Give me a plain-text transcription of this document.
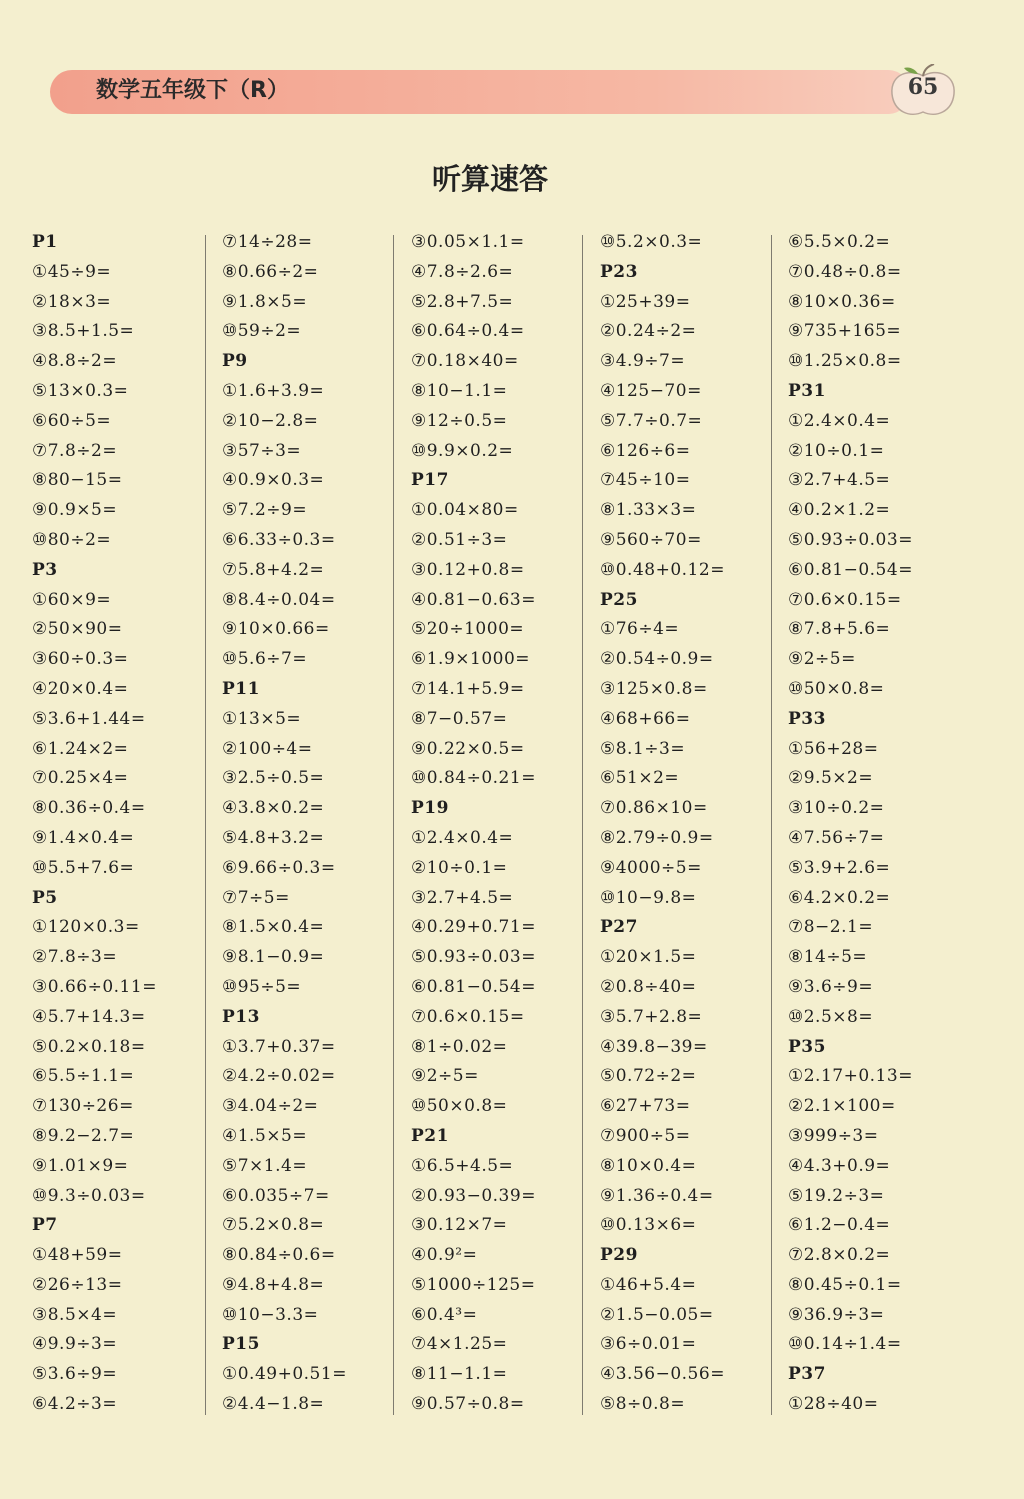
数学五年级下（R）	65
听算速答
P1
①45÷9=
②18×3=
③8.5+1.5=
④8.8÷2=
⑤13×0.3=
⑥60÷5=
⑦7.8÷2=
⑧80−15=
⑨0.9×5=
⑩80÷2=
P3
①60×9=
②50×90=
③60÷0.3=
④20×0.4=
⑤3.6+1.44=
⑥1.24×2=
⑦0.25×4=
⑧0.36÷0.4=
⑨1.4×0.4=
⑩5.5+7.6=
P5
①120×0.3=
②7.8÷3=
③0.66÷0.11=
④5.7+14.3=
⑤0.2×0.18=
⑥5.5÷1.1=
⑦130÷26=
⑧9.2−2.7=
⑨1.01×9=
⑩9.3÷0.03=
P7
①48+59=
②26÷13=
③8.5×4=
④9.9÷3=
⑤3.6÷9=
⑥4.2÷3=
⑦14÷28=
⑧0.66÷2=
⑨1.8×5=
⑩59÷2=
P9
①1.6+3.9=
②10−2.8=
③57÷3=
④0.9×0.3=
⑤7.2÷9=
⑥6.33÷0.3=
⑦5.8+4.2=
⑧8.4÷0.04=
⑨10×0.66=
⑩5.6÷7=
P11
①13×5=
②100÷4=
③2.5÷0.5=
④3.8×0.2=
⑤4.8+3.2=
⑥9.66÷0.3=
⑦7÷5=
⑧1.5×0.4=
⑨8.1−0.9=
⑩95÷5=
P13
①3.7+0.37=
②4.2÷0.02=
③4.04÷2=
④1.5×5=
⑤7×1.4=
⑥0.035÷7=
⑦5.2×0.8=
⑧0.84÷0.6=
⑨4.8+4.8=
⑩10−3.3=
P15
①0.49+0.51=
②4.4−1.8=
③0.05×1.1=
④7.8÷2.6=
⑤2.8+7.5=
⑥0.64÷0.4=
⑦0.18×40=
⑧10−1.1=
⑨12÷0.5=
⑩9.9×0.2=
P17
①0.04×80=
②0.51÷3=
③0.12+0.8=
④0.81−0.63=
⑤20÷1000=
⑥1.9×1000=
⑦14.1+5.9=
⑧7−0.57=
⑨0.22×0.5=
⑩0.84÷0.21=
P19
①2.4×0.4=
②10÷0.1=
③2.7+4.5=
④0.29+0.71=
⑤0.93÷0.03=
⑥0.81−0.54=
⑦0.6×0.15=
⑧1÷0.02=
⑨2÷5=
⑩50×0.8=
P21
①6.5+4.5=
②0.93−0.39=
③0.12×7=
④0.9²=
⑤1000÷125=
⑥0.4³=
⑦4×1.25=
⑧11−1.1=
⑨0.57÷0.8=
⑩5.2×0.3=
P23
①25+39=
②0.24÷2=
③4.9÷7=
④125−70=
⑤7.7÷0.7=
⑥126÷6=
⑦45÷10=
⑧1.33×3=
⑨560÷70=
⑩0.48+0.12=
P25
①76÷4=
②0.54÷0.9=
③125×0.8=
④68+66=
⑤8.1÷3=
⑥51×2=
⑦0.86×10=
⑧2.79÷0.9=
⑨4000÷5=
⑩10−9.8=
P27
①20×1.5=
②0.8÷40=
③5.7+2.8=
④39.8−39=
⑤0.72÷2=
⑥27+73=
⑦900÷5=
⑧10×0.4=
⑨1.36÷0.4=
⑩0.13×6=
P29
①46+5.4=
②1.5−0.05=
③6÷0.01=
④3.56−0.56=
⑤8÷0.8=
⑥5.5×0.2=
⑦0.48÷0.8=
⑧10×0.36=
⑨735+165=
⑩1.25×0.8=
P31
①2.4×0.4=
②10÷0.1=
③2.7+4.5=
④0.2×1.2=
⑤0.93÷0.03=
⑥0.81−0.54=
⑦0.6×0.15=
⑧7.8+5.6=
⑨2÷5=
⑩50×0.8=
P33
①56+28=
②9.5×2=
③10÷0.2=
④7.56÷7=
⑤3.9+2.6=
⑥4.2×0.2=
⑦8−2.1=
⑧14÷5=
⑨3.6÷9=
⑩2.5×8=
P35
①2.17+0.13=
②2.1×100=
③999÷3=
④4.3+0.9=
⑤19.2÷3=
⑥1.2−0.4=
⑦2.8×0.2=
⑧0.45÷0.1=
⑨36.9÷3=
⑩0.14÷1.4=
P37
①28÷40=
